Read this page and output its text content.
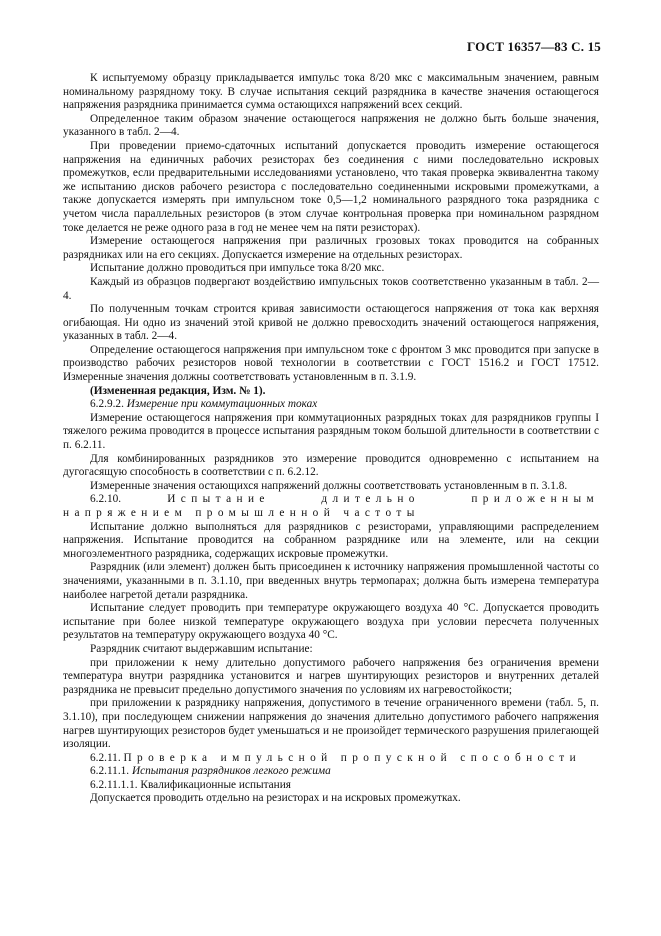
ГОСТ 16357—83 С. 15

К испытуемому образцу прикладывается импульс тока 8/20 мкс с максимальным значением, равным номинальному разрядному току. В случае испытания секций разрядника в качестве значения остающегося напряжения разрядника принимается сумма остающихся напряжений всех секций.

Определенное таким образом значение остающегося напряжения не должно быть больше значения, указанного в табл. 2—4.

При проведении приемо-сдаточных испытаний допускается проводить измерение остающегося напряжения на единичных рабочих резисторах без соединения с ними последовательно искровых промежутков, если предварительными исследованиями установлено, что такая проверка эквивалентна такому же испытанию дисков рабочего резистора с последовательно соединенными искровыми промежутками, а также допускается измерять при импульсном токе 0,5—1,2 номинального разрядного тока разрядника с учетом числа параллельных резисторов (в этом случае контрольная проверка при номинальном разрядном токе делается не реже одного раза в год не менее чем на пяти резисторах).

Измерение остающегося напряжения при различных грозовых токах проводится на собранных разрядниках или на его секциях. Допускается измерение на отдельных резисторах.

Испытание должно проводиться при импульсе тока 8/20 мкс.

Каждый из образцов подвергают воздействию импульсных токов соответственно указанным в табл. 2—4.

По полученным точкам строится кривая зависимости остающегося напряжения от тока как верхняя огибающая. Ни одно из значений этой кривой не должно превосходить значений остающегося напряжения, указанных в табл. 2—4.

Определение остающегося напряжения при импульсном токе с фронтом 3 мкс проводится при запуске в производство рабочих резисторов новой технологии в соответствии с ГОСТ 1516.2 и ГОСТ 17512. Измеренные значения должны соответствовать установленным в п. 3.1.9.

(Измененная редакция, Изм. № 1).

6.2.9.2. Измерение при коммутационных токах

Измерение остающегося напряжения при коммутационных разрядных токах для разрядников группы I тяжелого режима проводится в процессе испытания разрядным током большой длительности в соответствии с п. 6.2.11.

Для комбинированных разрядников это измерение проводится одновременно с испытанием на дугогасящую способность в соответствии с п. 6.2.12.

Измеренные значения остающихся напряжений должны соответствовать установленным в п. 3.1.8.

6.2.10.	Испытание длительно приложенным напряжением промышленной частоты

Испытание должно выполняться для разрядников с резисторами, управляющими распределением напряжения. Испытание проводится на собранном разряднике или на элементе, или на секции многоэлементного разрядника, содержащих искровые промежутки.

Разрядник (или элемент) должен быть присоединен к источнику напряжения промышленной частоты со значениями, указанными в п. 3.1.10, при введенных внутрь термопарах; должна быть измерена температура наиболее нагретой детали разрядника.

Испытание следует проводить при температуре окружающего воздуха 40 °С. Допускается проводить испытание при более низкой температуре окружающего воздуха при условии пересчета полученных результатов на температуру окружающего воздуха 40 °С.

Разрядник считают выдержавшим испытание:

при приложении к нему длительно допустимого рабочего напряжения без ограничения времени температура внутри разрядника установится и нагрев шунтирующих резисторов и внутренних деталей разрядника не превысит предельно допустимого значения по условиям их нагревостойкости;

при приложении к разряднику напряжения, допустимого в течение ограниченного времени (табл. 5, п. 3.1.10), при последующем снижении напряжения до значения длительно допустимого рабочего напряжения нагрев шунтирующих резисторов будет уменьшаться и не произойдет термического разрушения прилегающей изоляции.

6.2.11. Проверка импульсной пропускной способности

6.2.11.1. Испытания разрядников легкого режима

6.2.11.1.1. Квалификационные испытания

Допускается проводить отдельно на резисторах и на искровых промежутках.
